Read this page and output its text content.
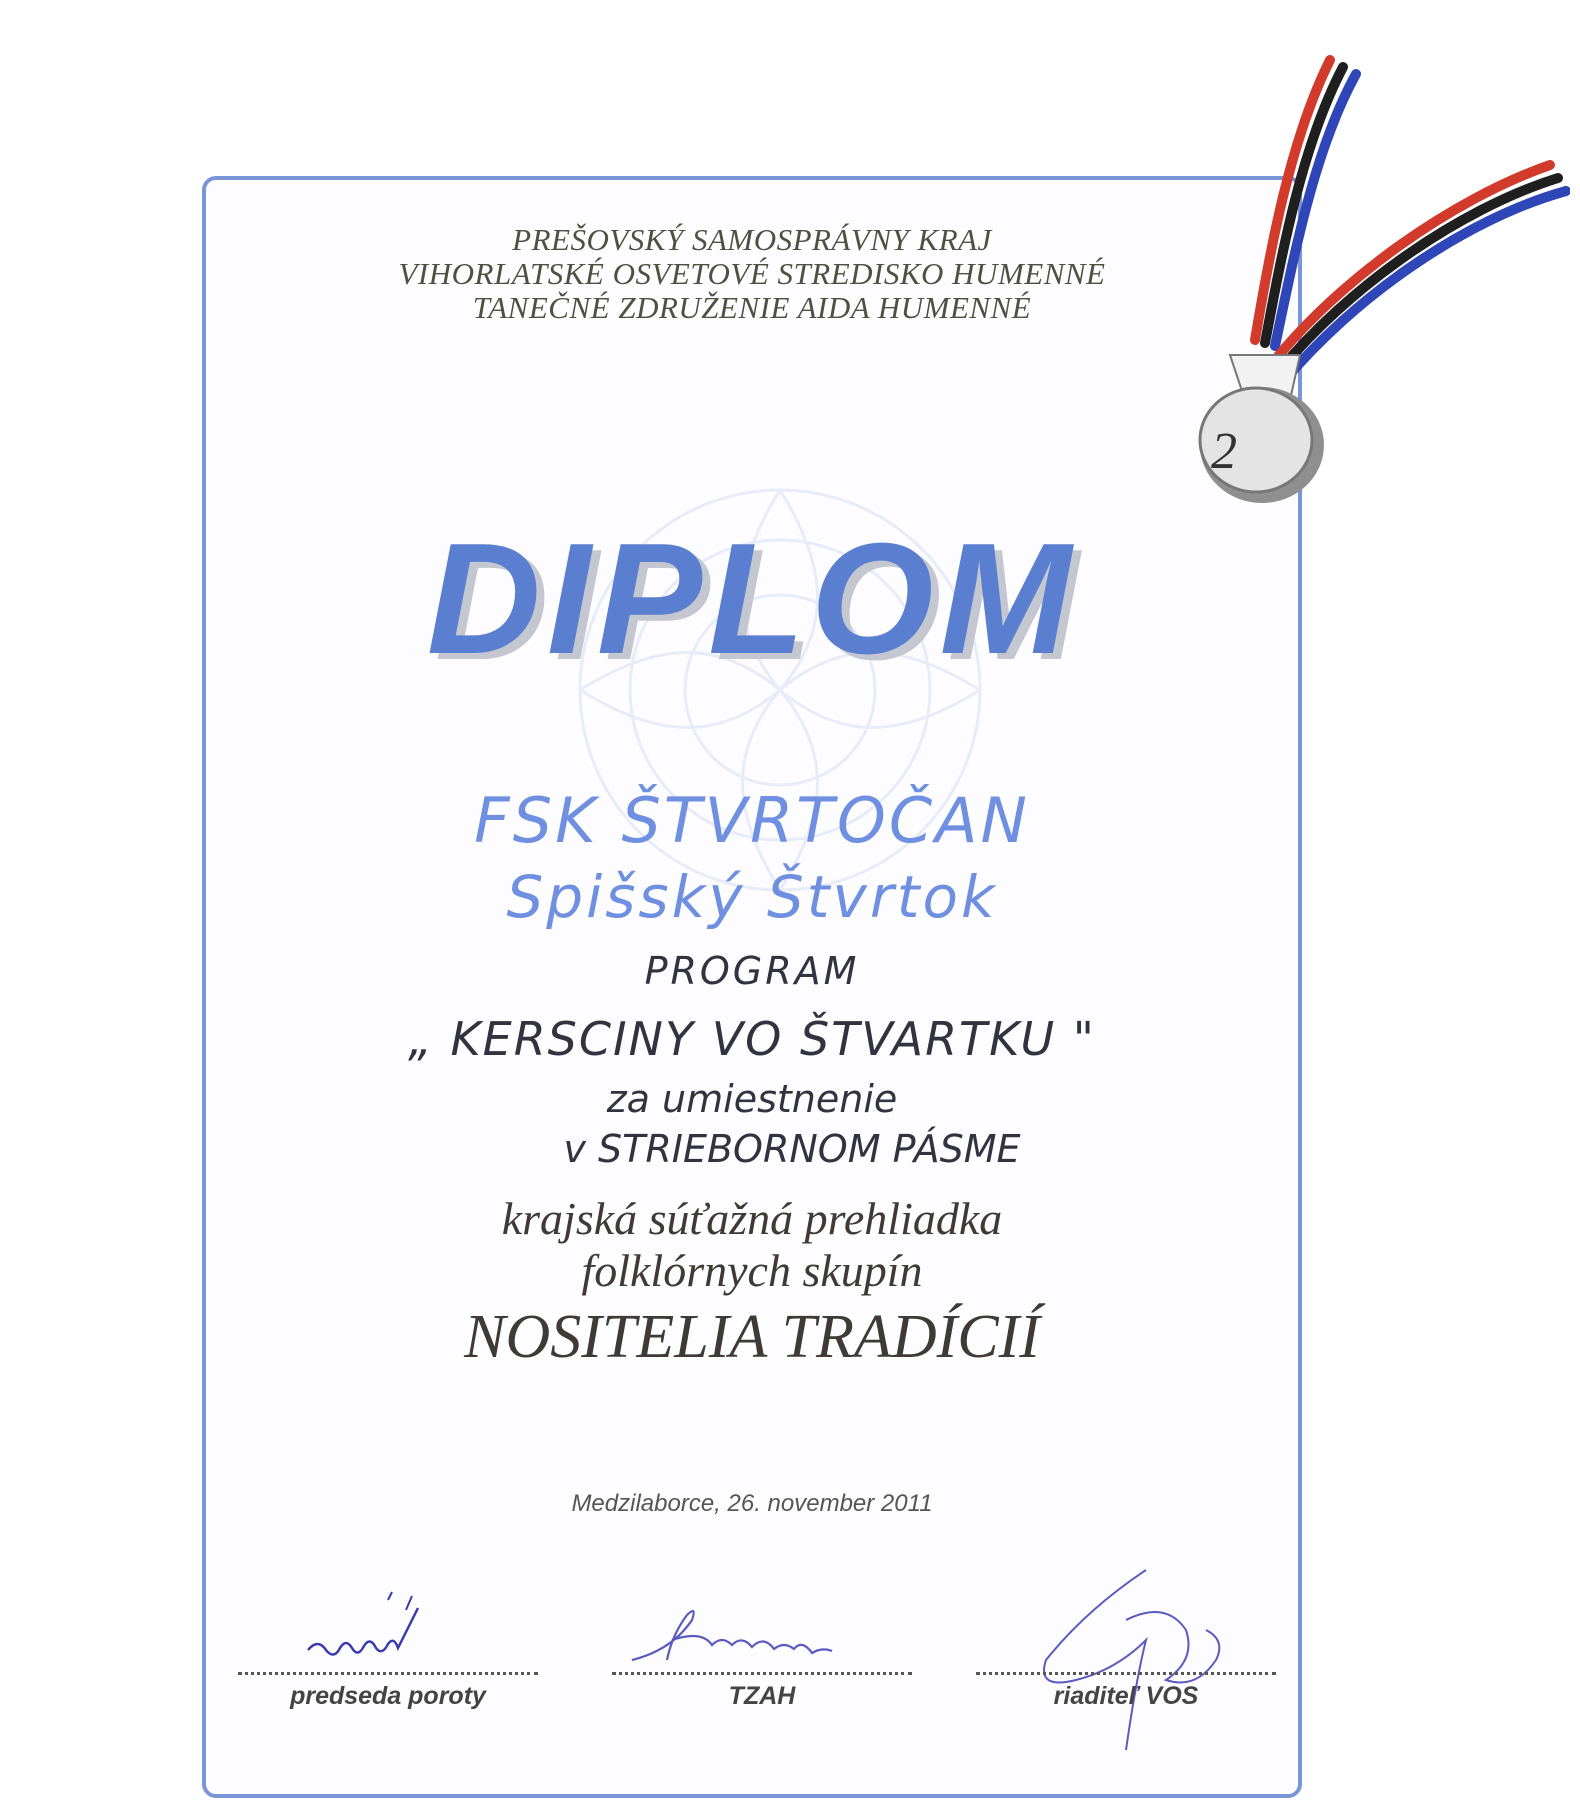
PREŠOVSKÝ SAMOSPRÁVNY KRAJ
VIHORLATSKÉ OSVETOVÉ STREDISKO HUMENNÉ
TANEČNÉ ZDRUŽENIE AIDA HUMENNÉ
DIPLOM
FSK ŠTVRTOČAN
Spišský Štvrtok
PROGRAM
„ KERSCINY VO ŠTVARTKU "
za umiestnenie
v STRIEBORNOM PÁSME
krajská súťažná prehliadka
folklórnych skupín
NOSITELIA TRADÍCIÍ
Medzilaborce, 26. november 2011
predseda poroty	TZAH	riaditeľ VOS
2
